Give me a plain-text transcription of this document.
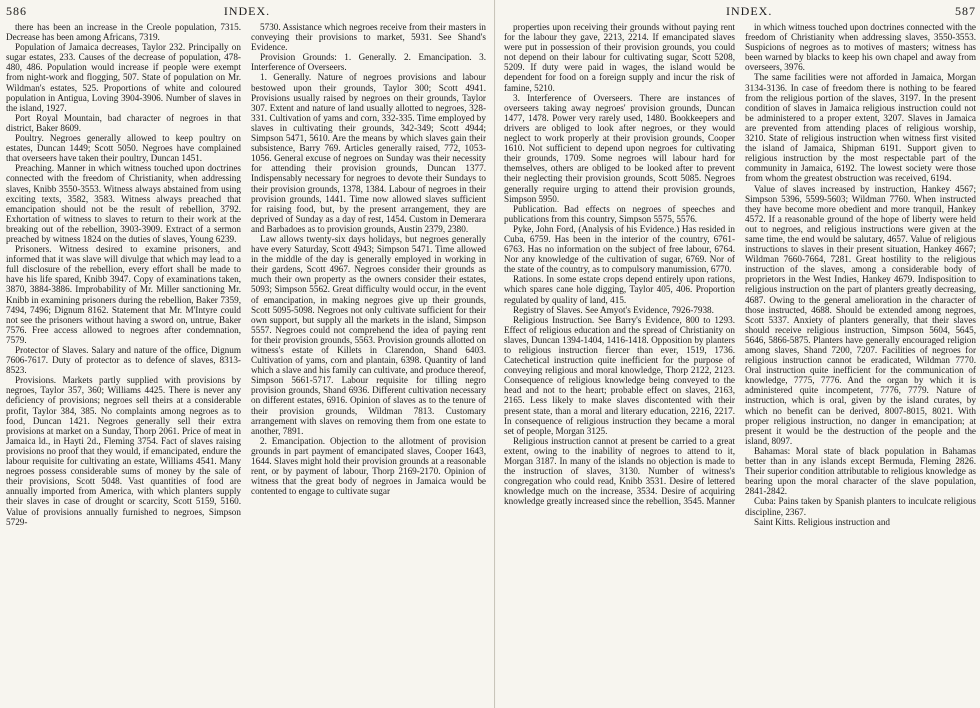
586	INDEX.

there has been an increase in the Creole population, 7315. Decrease has been among Africans, 7319.

Population of Jamaica decreases, Taylor 232. Principally on sugar estates, 233. Causes of the decrease of population, 478-480, 486. Population would increase if people were exempt from night-work and flogging, 507. State of population on Mr. Wildman's estates, 525. Proportions of white and coloured population in Antigua, Loving 3904-3906. Number of slaves in the island, 1927.

Port Royal Mountain, bad character of negroes in that district, Baker 8609.

Poultry. Negroes generally allowed to keep poultry on estates, Duncan 1449; Scott 5050. Negroes have complained that overseers have taken their poultry, Duncan 1451.

Preaching. Manner in which witness touched upon doctrines connected with the freedom of Christianity, when addressing slaves, Knibb 3550-3553. Witness always abstained from using exciting texts, 3582, 3583. Witness always preached that emancipation should not be the result of rebellion, 3792. Exhortation of witness to slaves to return to their work at the breaking out of the rebellion, 3903-3909. Extract of a sermon preached by witness 1824 on the duties of slaves, Young 6239.

Prisoners. Witness desired to examine prisoners, and informed that it was slave will divulge that which may lead to a full disclosure of the rebellion, every effort shall be made to have his life spared, Knibb 3947. Copy of examinations taken, 3870, 3884-3886. Improbability of Mr. Miller sanctioning Mr. Knibb in examining prisoners during the rebellion, Baker 7359, 7494, 7496; Dignum 8162. Statement that Mr. M'Intyre could not see the prisoners without having a sword on, untrue, Baker 7576. Free access allowed to negroes after condemnation, 7579.

Protector of Slaves. Salary and nature of the office, Dignum 7606-7617. Duty of protector as to defence of slaves, 8313-8523.

Provisions. Markets partly supplied with provisions by negroes, Taylor 357, 360; Williams 4425. There is never any deficiency of provisions; negroes sell theirs at a considerable profit, Taylor 384, 385. No complaints among negroes as to food, Duncan 1421. Negroes generally sell their extra provisions at market on a Sunday, Thorp 2061. Price of meat in Jamaica ld., in Hayti 2d., Fleming 3754. Fact of slaves raising provisions no proof that they would, if emancipated, endure the labour requisite for cultivating an estate, Williams 4541. Many negroes possess considerable sums of money by the sale of their provisions, Scott 5048. Vast quantities of food are annually imported from America, with which planters supply their slaves in case of drought or scarcity, Scott 5159, 5160. Value of provisions annually furnished to negroes, Simpson 5729-

5730. Assistance which negroes receive from their masters in conveying their provisions to market, 5931. See Shand's Evidence.

Provision Grounds: 1. Generally. 2. Emancipation. 3. Interference of Overseers.

1. Generally. Nature of negroes provisions and labour bestowed upon their grounds, Taylor 300; Scott 4941. Provisions usually raised by negroes on their grounds, Taylor 307. Extent and nature of land usually allotted to negroes, 328-331. Cultivation of yams and corn, 332-335. Time employed by slaves in cultivating their grounds, 342-349; Scott 4944; Simpson 5471, 5610. Are the means by which slaves gain their subsistence, Barry 769. Articles generally raised, 772, 1053-1056. General excuse of negroes on Sunday was their necessity for attending their provision grounds, Duncan 1377. Indispensably necessary for negroes to devote their Sundays to their provision grounds, 1378, 1384. Labour of negroes in their provision grounds, 1441. Time now allowed slaves sufficient for raising food, but, by the present arrangement, they are deprived of Sunday as a day of rest, 1454. Custom in Demerara and Barbadoes as to provision grounds, Austin 2379, 2380.

Law allows twenty-six days holidays, but negroes generally have every Saturday, Scott 4943; Simpson 5471. Time allowed in the middle of the day is generally employed in working in their gardens, Scott 4967. Negroes consider their grounds as much their own property as the owners consider their estates, 5093; Simpson 5562. Great difficulty would occur, in the event of emancipation, in making negroes give up their grounds, Scott 5095-5098. Negroes not only cultivate sufficient for their own support, but supply all the markets in the island, Simpson 5557. Negroes could not comprehend the idea of paying rent for their provision grounds, 5563. Provision grounds allotted on witness's estate of Killets in Clarendon, Shand 6403. Cultivation of yams, corn and plantain, 6398. Quantity of land which a slave and his family can cultivate, and produce thereof, Simpson 5661-5717. Labour requisite for tilling negro provision grounds, Shand 6936. Different cultivation necessary on different estates, 6916. Opinion of slaves as to the tenure of their provision grounds, Wildman 7813. Customary arrangement with slaves on removing them from one estate to another, 7891.

2. Emancipation. Objection to the allotment of provision grounds in part payment of emancipated slaves, Cooper 1643, 1644. Slaves might hold their provision grounds at a reasonable rent, or by payment of labour, Thorp 2169-2170. Opinion of witness that the great body of negroes in Jamaica would be contented to engage to cultivate sugar

INDEX.	587

properties upon receiving their grounds without paying rent for the labour they gave, 2213, 2214. If emancipated slaves were put in possession of their provision grounds, you could not depend on their labour for cultivating sugar, Scott 5208, 5209. If duty were paid in wages, the island would be dependent for food on a foreign supply and incur the risk of famine, 5210.

3. Interference of Overseers. There are instances of overseers taking away negroes' provision grounds, Duncan 1477, 1478. Power very rarely used, 1480. Bookkeepers and drivers are obliged to look after negroes, or they would neglect to work properly at their provision grounds, Cooper 1610. Not sufficient to depend upon negroes for cultivating their grounds, 1709. Some negroes will labour hard for themselves, others are obliged to be looked after to prevent their neglecting their provision grounds, Scott 5085. Negroes generally require urging to attend their provision grounds, Simpson 5950.

Publication. Bad effects on negroes of speeches and publications from this country, Simpson 5575, 5576.

Pyke, John Ford, (Analysis of his Evidence.) Has resided in Cuba, 6759. Has been in the interior of the country, 6761-6763. Has no information on the subject of free labour, 6764. Nor any knowledge of the cultivation of sugar, 6769. Nor of the state of the country, as to compulsory manumission, 6770.

Rations. In some estate crops depend entirely upon rations, which spares cane hole digging, Taylor 405, 406. Proportion regulated by quality of land, 415.

Registry of Slaves. See Amyot's Evidence, 7926-7938.

Religious Instruction. See Barry's Evidence, 800 to 1293. Effect of religious education and the spread of Christianity on slaves, Duncan 1394-1404, 1416-1418. Opposition by planters to religious instruction fiercer than ever, 1519, 1736. Catechetical instruction quite inefficient for the purpose of conveying religious and moral knowledge, Thorp 2122, 2123. Consequence of religious knowledge being conveyed to the head and not to the heart; probable effect on slaves, 2163, 2165. Less likely to make slaves discontented with their present state, than a moral and literary education, 2216, 2217. In consequence of religious instruction they became a moral set of people, Morgan 3125.

Religious instruction cannot at present be carried to a great extent, owing to the inability of negroes to attend to it, Morgan 3187. In many of the islands no objection is made to the instruction of slaves, 3130. Number of witness's congregation who could read, Knibb 3531. Desire of lettered knowledge much on the increase, 3534. Desire of acquiring knowledge greatly increased since the rebellion, 3545. Manner

in which witness touched upon doctrines connected with the freedom of Christianity when addressing slaves, 3550-3553. Suspicions of negroes as to motives of masters; witness has been warned by blacks to keep his own chapel and away from overseers, 3976.

The same facilities were not afforded in Jamaica, Morgan 3134-3136. In case of freedom there is nothing to be feared from the religious portion of the slaves, 3197. In the present condition of slaves in Jamaica religious instruction could not be administered to a proper extent, 3207. Slaves in Jamaica are prevented from attending places of religious worship, 3210. State of religious instruction when witness first visited the island of Jamaica, Shipman 6191. Support given to religious instruction by the most respectable part of the community in Jamaica, 6192. The lowest society were those from whom the greatest obstruction was received, 6194.

Value of slaves increased by instruction, Hankey 4567; Simpson 5396, 5599-5603; Wildman 7760. When instructed they have become more obedient and more tranquil, Hankey 4572. If a reasonable ground of the hope of liberty were held out to negroes, and religious instructions were given at the same time, the end would be salutary, 4657. Value of religious instructions to slaves in their present situation, Hankey 4667; Wildman 7660-7664, 7281. Great hostility to the religious instruction of the slaves, among a considerable body of proprietors in the West Indies, Hankey 4679. Indisposition to religious instruction on the part of planters greatly decreasing, 4687. Owing to the general amelioration in the character of those instructed, 4688. Should be extended among negroes, Scott 5337. Anxiety of planters generally, that their slaves should receive religious instruction, Simpson 5604, 5645, 5646, 5866-5875. Planters have generally encouraged religion among slaves, Shand 7200, 7207. Facilities of negroes for religious instruction cannot be eradicated, Wildman 7770. Oral instruction quite inefficient for the communication of knowledge, 7775, 7776. And the organ by which it is administered quite incompetent, 7776, 7779. Nature of instruction, which is oral, given by the island curates, by which no benefit can be derived, 8007-8015, 8021. With proper religious instruction, no danger in emancipation; at present it would be the destruction of the people and the island, 8097.

Bahamas: Moral state of black population in Bahamas better than in any islands except Bermuda, Fleming 2826. Their superior condition attributable to religious knowledge as bearing upon the moral character of the slave population, 2841-2842.

Cuba: Pains taken by Spanish planters to inculcate religious discipline, 2367.

Saint Kitts. Religious instruction and
